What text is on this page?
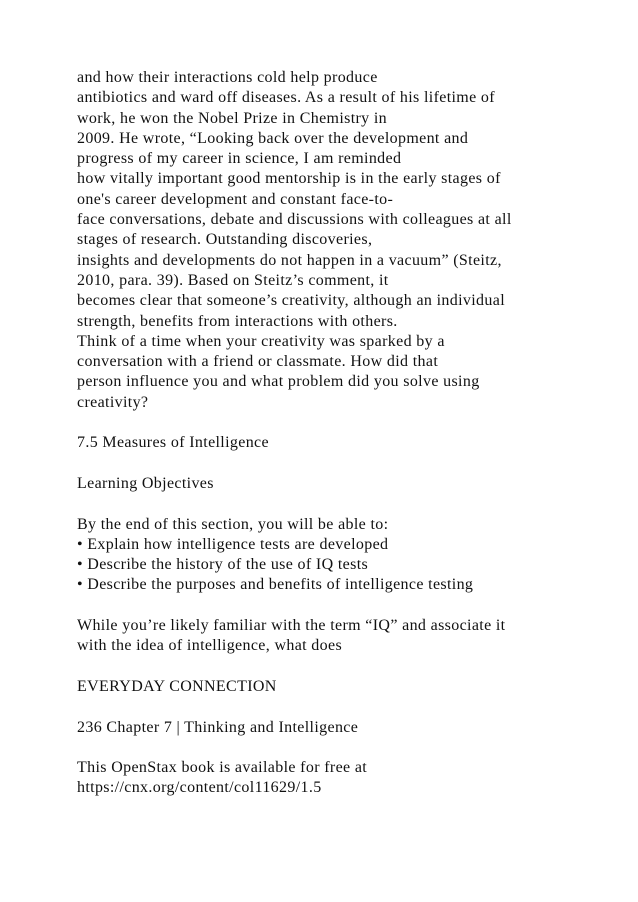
and how their interactions cold help produce
antibiotics and ward off diseases. As a result of his lifetime of
work, he won the Nobel Prize in Chemistry in
2009. He wrote, “Looking back over the development and
progress of my career in science, I am reminded
how vitally important good mentorship is in the early stages of
one's career development and constant face-to-
face conversations, debate and discussions with colleagues at all
stages of research. Outstanding discoveries,
insights and developments do not happen in a vacuum” (Steitz,
2010, para. 39). Based on Steitz’s comment, it
becomes clear that someone’s creativity, although an individual
strength, benefits from interactions with others.
Think of a time when your creativity was sparked by a
conversation with a friend or classmate. How did that
person influence you and what problem did you solve using
creativity?
7.5 Measures of Intelligence
Learning Objectives
By the end of this section, you will be able to:
• Explain how intelligence tests are developed
• Describe the history of the use of IQ tests
• Describe the purposes and benefits of intelligence testing
While you’re likely familiar with the term “IQ” and associate it
with the idea of intelligence, what does
EVERYDAY CONNECTION
236 Chapter 7 | Thinking and Intelligence
This OpenStax book is available for free at
https://cnx.org/content/col11629/1.5
